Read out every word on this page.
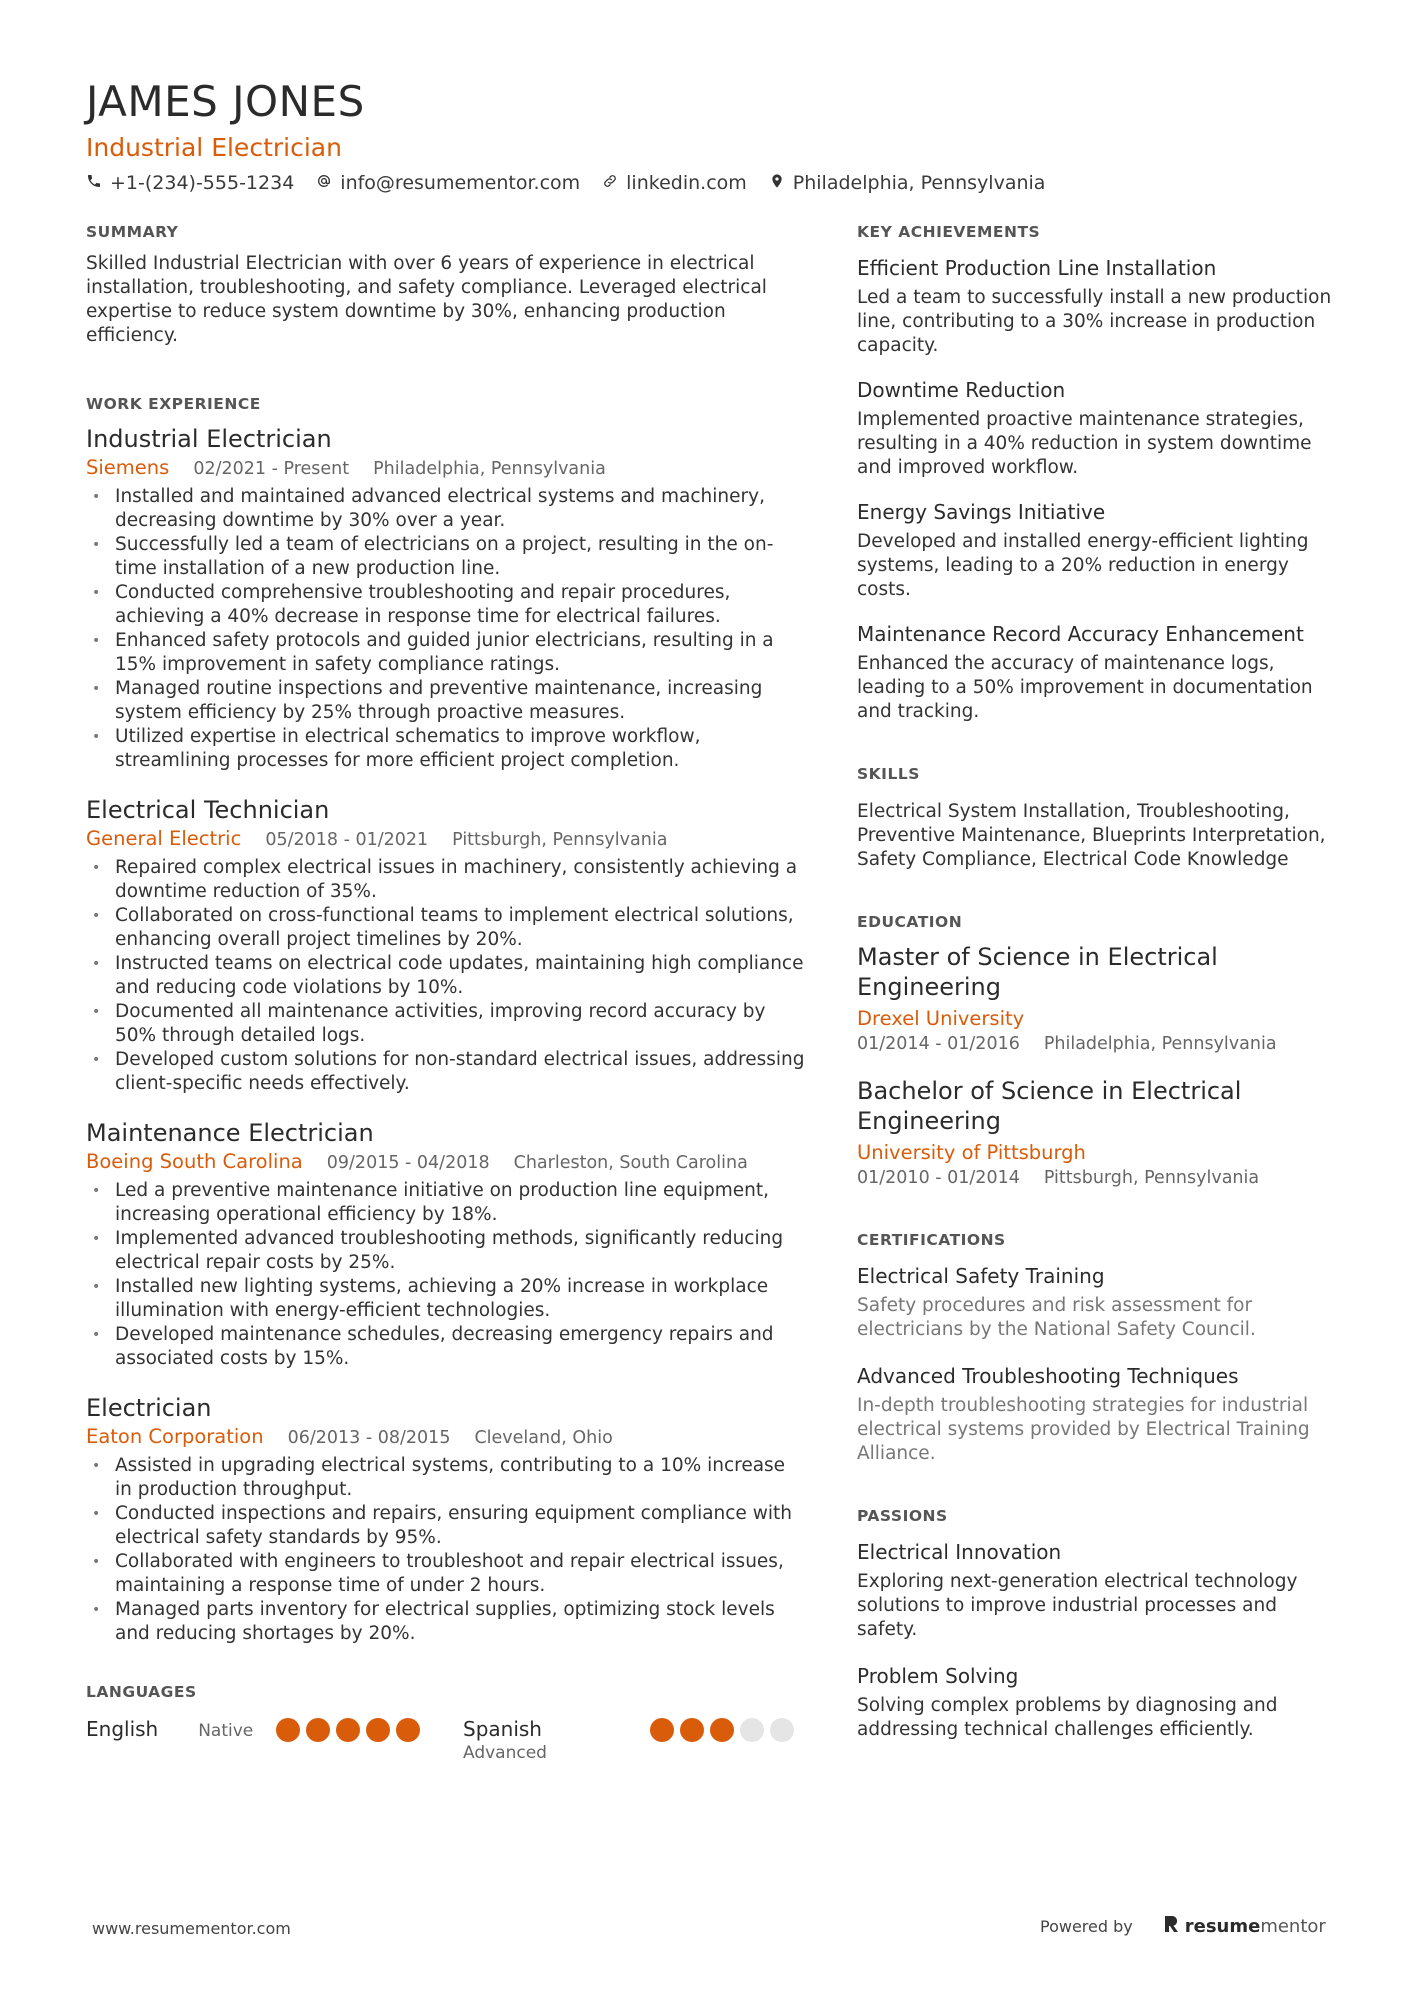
JAMES JONES
Industrial Electrician
+1-(234)-555-1234 info@resumementor.com linkedin.com Philadelphia, Pennsylvania
SUMMARY

Skilled Industrial Electrician with over 6 years of experience in electrical installation, troubleshooting, and safety compliance. Leveraged electrical expertise to reduce system downtime by 30%, enhancing production efficiency.

WORK EXPERIENCE
Industrial Electrician
Siemens 02/2021 - Present Philadelphia, Pennsylvania
• Installed and maintained advanced electrical systems and machinery, decreasing downtime by 30% over a year.
• Successfully led a team of electricians on a project, resulting in the on-time installation of a new production line.
• Conducted comprehensive troubleshooting and repair procedures, achieving a 40% decrease in response time for electrical failures.
• Enhanced safety protocols and guided junior electricians, resulting in a 15% improvement in safety compliance ratings.
• Managed routine inspections and preventive maintenance, increasing system efficiency by 25% through proactive measures.
• Utilized expertise in electrical schematics to improve workflow, streamlining processes for more efficient project completion.
Electrical Technician
General Electric 05/2018 - 01/2021 Pittsburgh, Pennsylvania
• Repaired complex electrical issues in machinery, consistently achieving a downtime reduction of 35%.
• Collaborated on cross-functional teams to implement electrical solutions, enhancing overall project timelines by 20%.
• Instructed teams on electrical code updates, maintaining high compliance and reducing code violations by 10%.
• Documented all maintenance activities, improving record accuracy by 50% through detailed logs.
• Developed custom solutions for non-standard electrical issues, addressing client-specific needs effectively.
Maintenance Electrician
Boeing South Carolina 09/2015 - 04/2018 Charleston, South Carolina
• Led a preventive maintenance initiative on production line equipment, increasing operational efficiency by 18%.
• Implemented advanced troubleshooting methods, significantly reducing electrical repair costs by 25%.
• Installed new lighting systems, achieving a 20% increase in workplace illumination with energy-efficient technologies.
• Developed maintenance schedules, decreasing emergency repairs and associated costs by 15%.
Electrician
Eaton Corporation 06/2013 - 08/2015 Cleveland, Ohio
• Assisted in upgrading electrical systems, contributing to a 10% increase in production throughput.
• Conducted inspections and repairs, ensuring equipment compliance with electrical safety standards by 95%.
• Collaborated with engineers to troubleshoot and repair electrical issues, maintaining a response time of under 2 hours.
• Managed parts inventory for electrical supplies, optimizing stock levels and reducing shortages by 20%.
LANGUAGES
English Native	Spanish
Advanced
KEY ACHIEVEMENTS
Efficient Production Line Installation

Led a team to successfully install a new production line, contributing to a 30% increase in production capacity.

Downtime Reduction

Implemented proactive maintenance strategies, resulting in a 40% reduction in system downtime and improved workflow.

Energy Savings Initiative

Developed and installed energy-efficient lighting systems, leading to a 20% reduction in energy costs.

Maintenance Record Accuracy Enhancement

Enhanced the accuracy of maintenance logs, leading to a 50% improvement in documentation and tracking.

SKILLS

Electrical System Installation, Troubleshooting, Preventive Maintenance, Blueprints Interpretation, Safety Compliance, Electrical Code Knowledge

EDUCATION
Master of Science in Electrical Engineering
Drexel University
01/2014 - 01/2016 Philadelphia, Pennsylvania
Bachelor of Science in Electrical Engineering
University of Pittsburgh
01/2010 - 01/2014 Pittsburgh, Pennsylvania
CERTIFICATIONS
Electrical Safety Training

Safety procedures and risk assessment for electricians by the National Safety Council.

Advanced Troubleshooting Techniques

In-depth troubleshooting strategies for industrial electrical systems provided by Electrical Training Alliance.

PASSIONS
Electrical Innovation

Exploring next-generation electrical technology solutions to improve industrial processes and safety.

Problem Solving

Solving complex problems by diagnosing and addressing technical challenges efficiently.

www.resumementor.com	Powered by	resume mentor
